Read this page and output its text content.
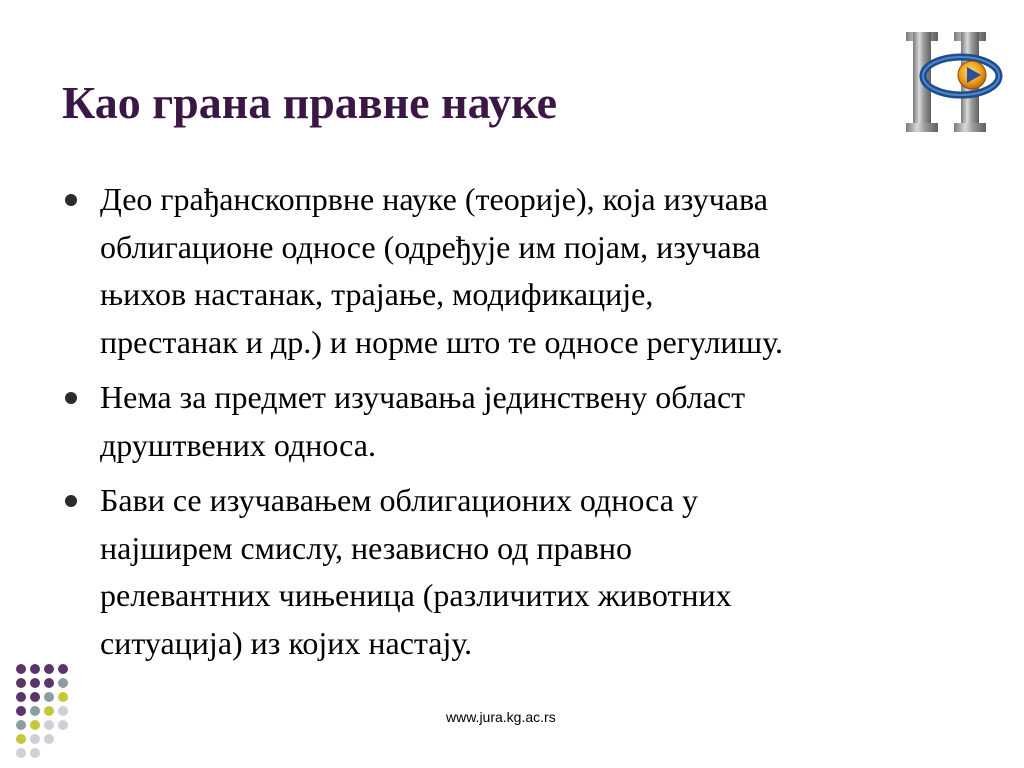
Као грана правне науке
Део грађанскопрвне науке (теорије), која изучава
облигационе односе (одређује им појам, изучава
њихов настанак, трајање, модификације,
престанак и др.) и норме што те односе регулишу.
Нема за предмет изучавања јединствену област
друштвених односа.
Бави се изучавањем облигационих односа у
најширем смислу, независно од правно
релевантних чињеница (различитих животних
ситуација) из којих настају.
www.jura.kg.ac.rs
